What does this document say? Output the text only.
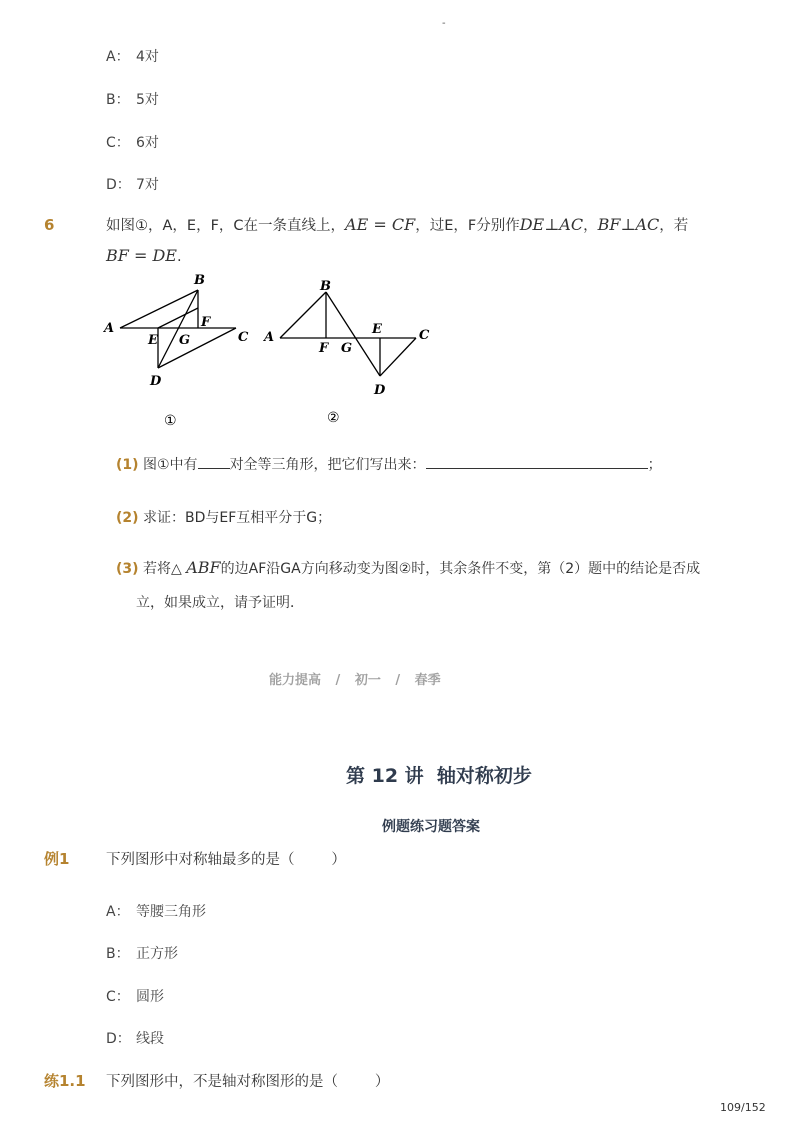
-
A： 4对
B： 5对
C： 6对
D： 7对
6	如图①，A，E，F，C在一条直线上，AE = CF，过E，F分别作DE⊥AC，BF⊥AC，若
BF = DE.
A
B
C
D
E
F
G
①
A
B
C
D
E
F G
②
(1) 图①中有 对全等三角形，把它们写出来：	；
(2) 求证：BD与EF互相平分于G；
(3) 若将△ ABF的边AF沿GA方向移动变为图②时，其余条件不变，第（2）题中的结论是否成
立，如果成立，请予证明．
能力提高 / 初一 / 春季
第 12 讲  轴对称初步
例题练习题答案
例1	下列图形中对称轴最多的是（        ）
A： 等腰三角形
B： 正方形
C： 圆形
D： 线段
练1.1 下列图形中，不是轴对称图形的是（        ）
109/152
